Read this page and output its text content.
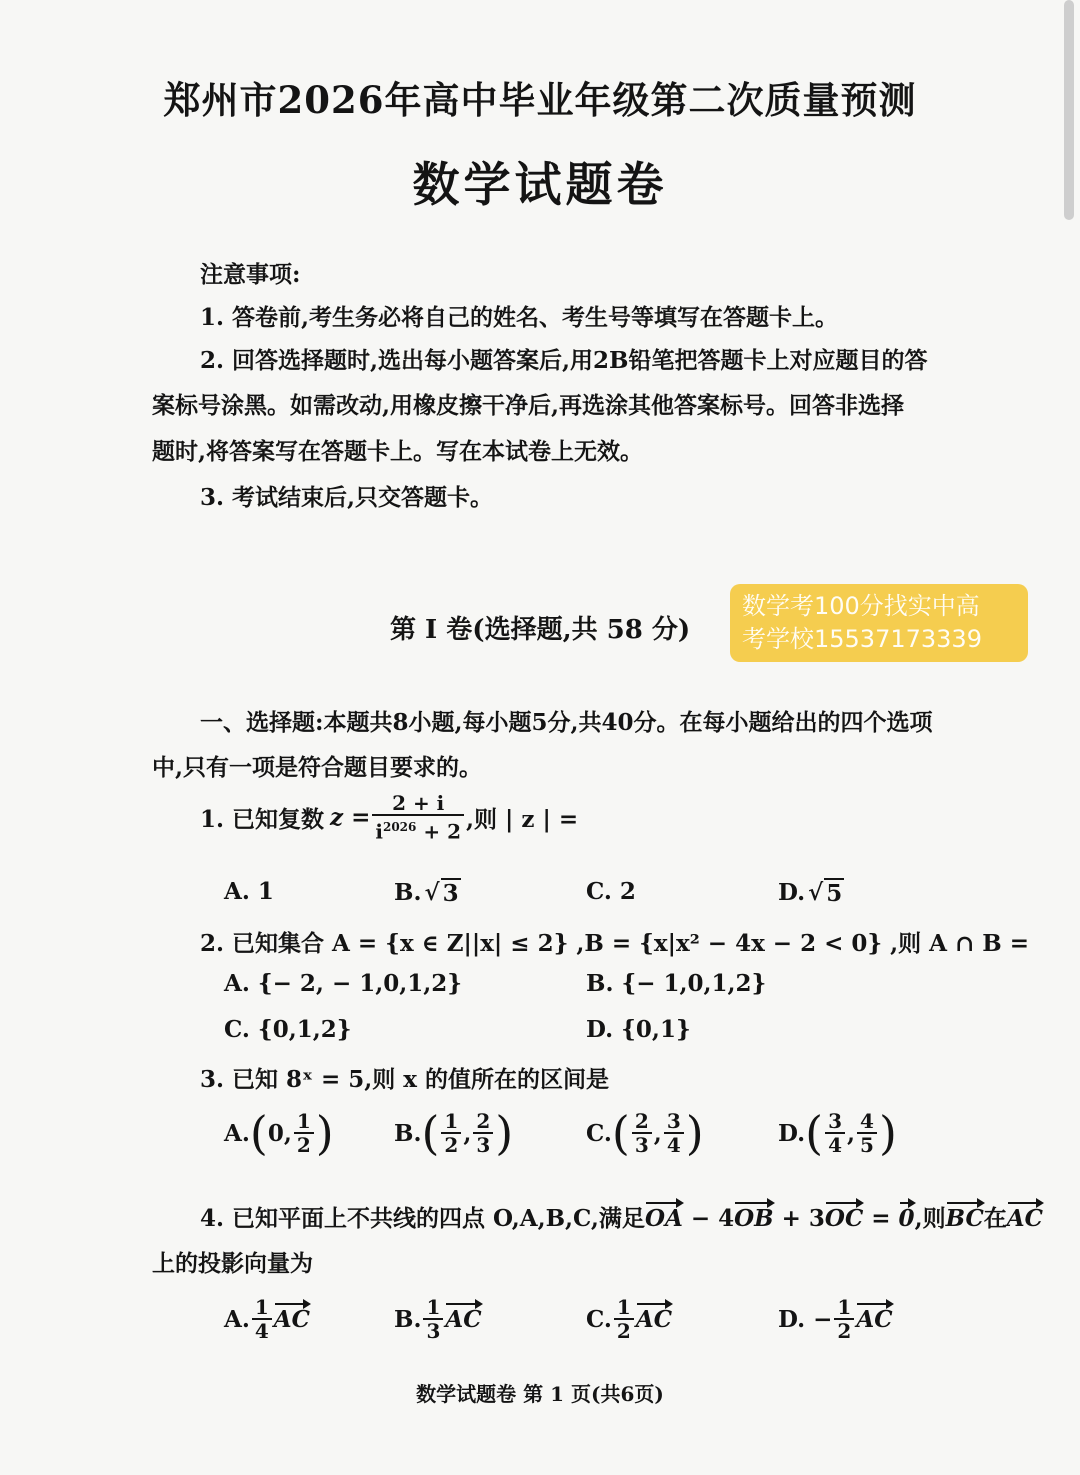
郑州市2026年高中毕业年级第二次质量预测
数学试题卷
注意事项:
1. 答卷前,考生务必将自己的姓名、考生号等填写在答题卡上。
2. 回答选择题时,选出每小题答案后,用2B铅笔把答题卡上对应题目的答
案标号涂黑。如需改动,用橡皮擦干净后,再选涂其他答案标号。回答非选择
题时,将答案写在答题卡上。写在本试卷上无效。
3. 考试结束后,只交答题卡。
第 I 卷(选择题,共 58 分)
数学考100分找实中高
考学校15537173339
一、选择题:本题共8小题,每小题5分,共40分。在每小题给出的四个选项
中,只有一项是符合题目要求的。
1. 已知复数 $z = \frac{2 + i}{i^{2026} + 2}$ ,则 | z | =
A. 1	B. √ 3	C. 2	D. √ 5
2. 已知集合 A = {x ∈ Z||x| ≤ 2} ,B = {x|x² − 4x − 2 < 0} ,则 A ∩ B =
A. {− 2, − 1,0,1,2}	B. {− 1,0,1,2}
C. {0,1,2}	D. {0,1}
3. 已知 8ˣ = 5,则 x 的值所在的区间是
A. ( 0, $\frac{1}{2}$ )	B. ( $\frac{1}{2}$ , $\frac{2}{3}$ )	C. ( $\frac{2}{3}$ , $\frac{3}{4}$ )	D. ( $\frac{3}{4}$ , $\frac{4}{5}$ )
4. 已知平面上不共线的四点 O,A,B,C,满足OA − 4OB + 3OC = 0,则BC在AC
上的投影向量为
A. $\frac{1}{4}$ AC	B. $\frac{1}{3}$ AC	C. $\frac{1}{2}$ AC	D. − $\frac{1}{2}$ AC
数学试题卷 第 1 页(共6页)
